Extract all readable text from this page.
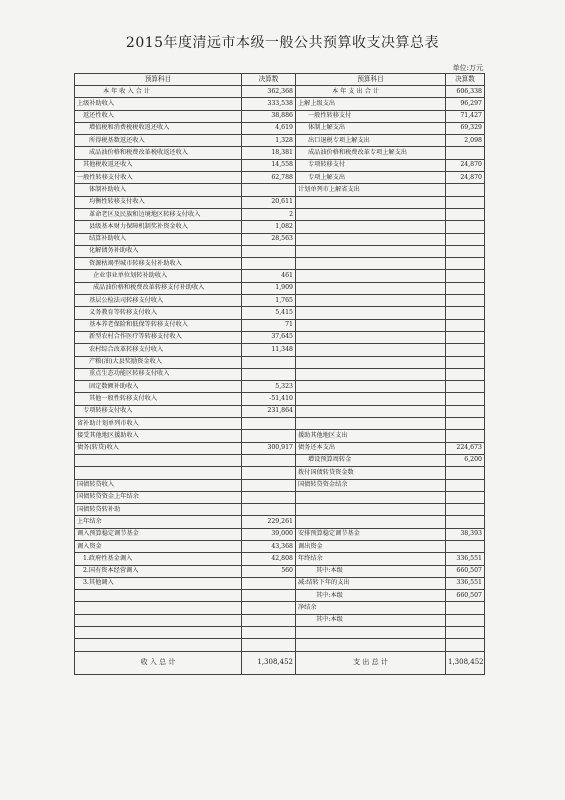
2015年度清远市本级一般公共预算收支决算总表
单位:万元
预算科目	决算数	预算科目	决算数
本 年 收 入 合 计	362,368	本 年 支 出 合 计	606,338
上级补助收入	333,538	上解上级支出	96,297
返还性收入	38,886	一般性转移支付	71,427
增值税和消费税税收返还收入	4,619	体制上解支出	69,329
所得税基数返还收入	1,328	出口退税专项上解支出	2,098
成品油价格和税费改革税收返还收入	18,381	成品油价格和税费改革专项上解支出	
其他税收返还收入	14,558	专项转移支付	24,870
一般性转移支付收入	62,788	专项上解支出	24,870
体制补助收入		计划单列市上解省支出	
均衡性转移支付收入	20,611		
革命老区及民族和边境地区转移支付收入	2		
县级基本财力保障机制奖补资金收入	1,082		
结算补助收入	28,563		
化解债务补助收入			
资源枯竭型城市转移支付补助收入			
企业事业单位划转补助收入	461		
成品油价格和税费改革转移支付补助收入	1,909		
基层公检法司转移支付收入	1,765		
义务教育等转移支付收入	5,415		
基本养老保险和低保等转移支付收入	71		
新型农村合作医疗等转移支付收入	37,645		
农村综合改革转移支付收入	11,348		
产粮(油)大县奖励资金收入			
重点生态功能区转移支付收入			
固定数额补助收入	5,323		
其他一般性转移支付收入	-51,410		
专项转移支付收入	231,864		
省补助计划单列市收入			
接受其他地区援助收入		援助其他地区支出	
债务(转贷)收入	300,917	债务还本支出	224,673
		增设预算周转金	6,200
		拨付国债转贷资金数	
国债转贷收入		国债转贷资金结余	
国债转贷资金上年结余			
国债转贷转补助			
上年结余	229,261		
调入预算稳定调节基金	39,000	安排预算稳定调节基金	38,393
调入资金	43,368	调出资金	
1.政府性基金调入	42,808	年终结余	336,551
2.国有资本经营调入	560	其中:本级	660,507
3.其他调入		减:结转下年的支出	336,551
		其中:本级	660,507
		净结余	
		其中:本级	

收 入 总 计	1,308,452	支 出 总 计	1,308,452
